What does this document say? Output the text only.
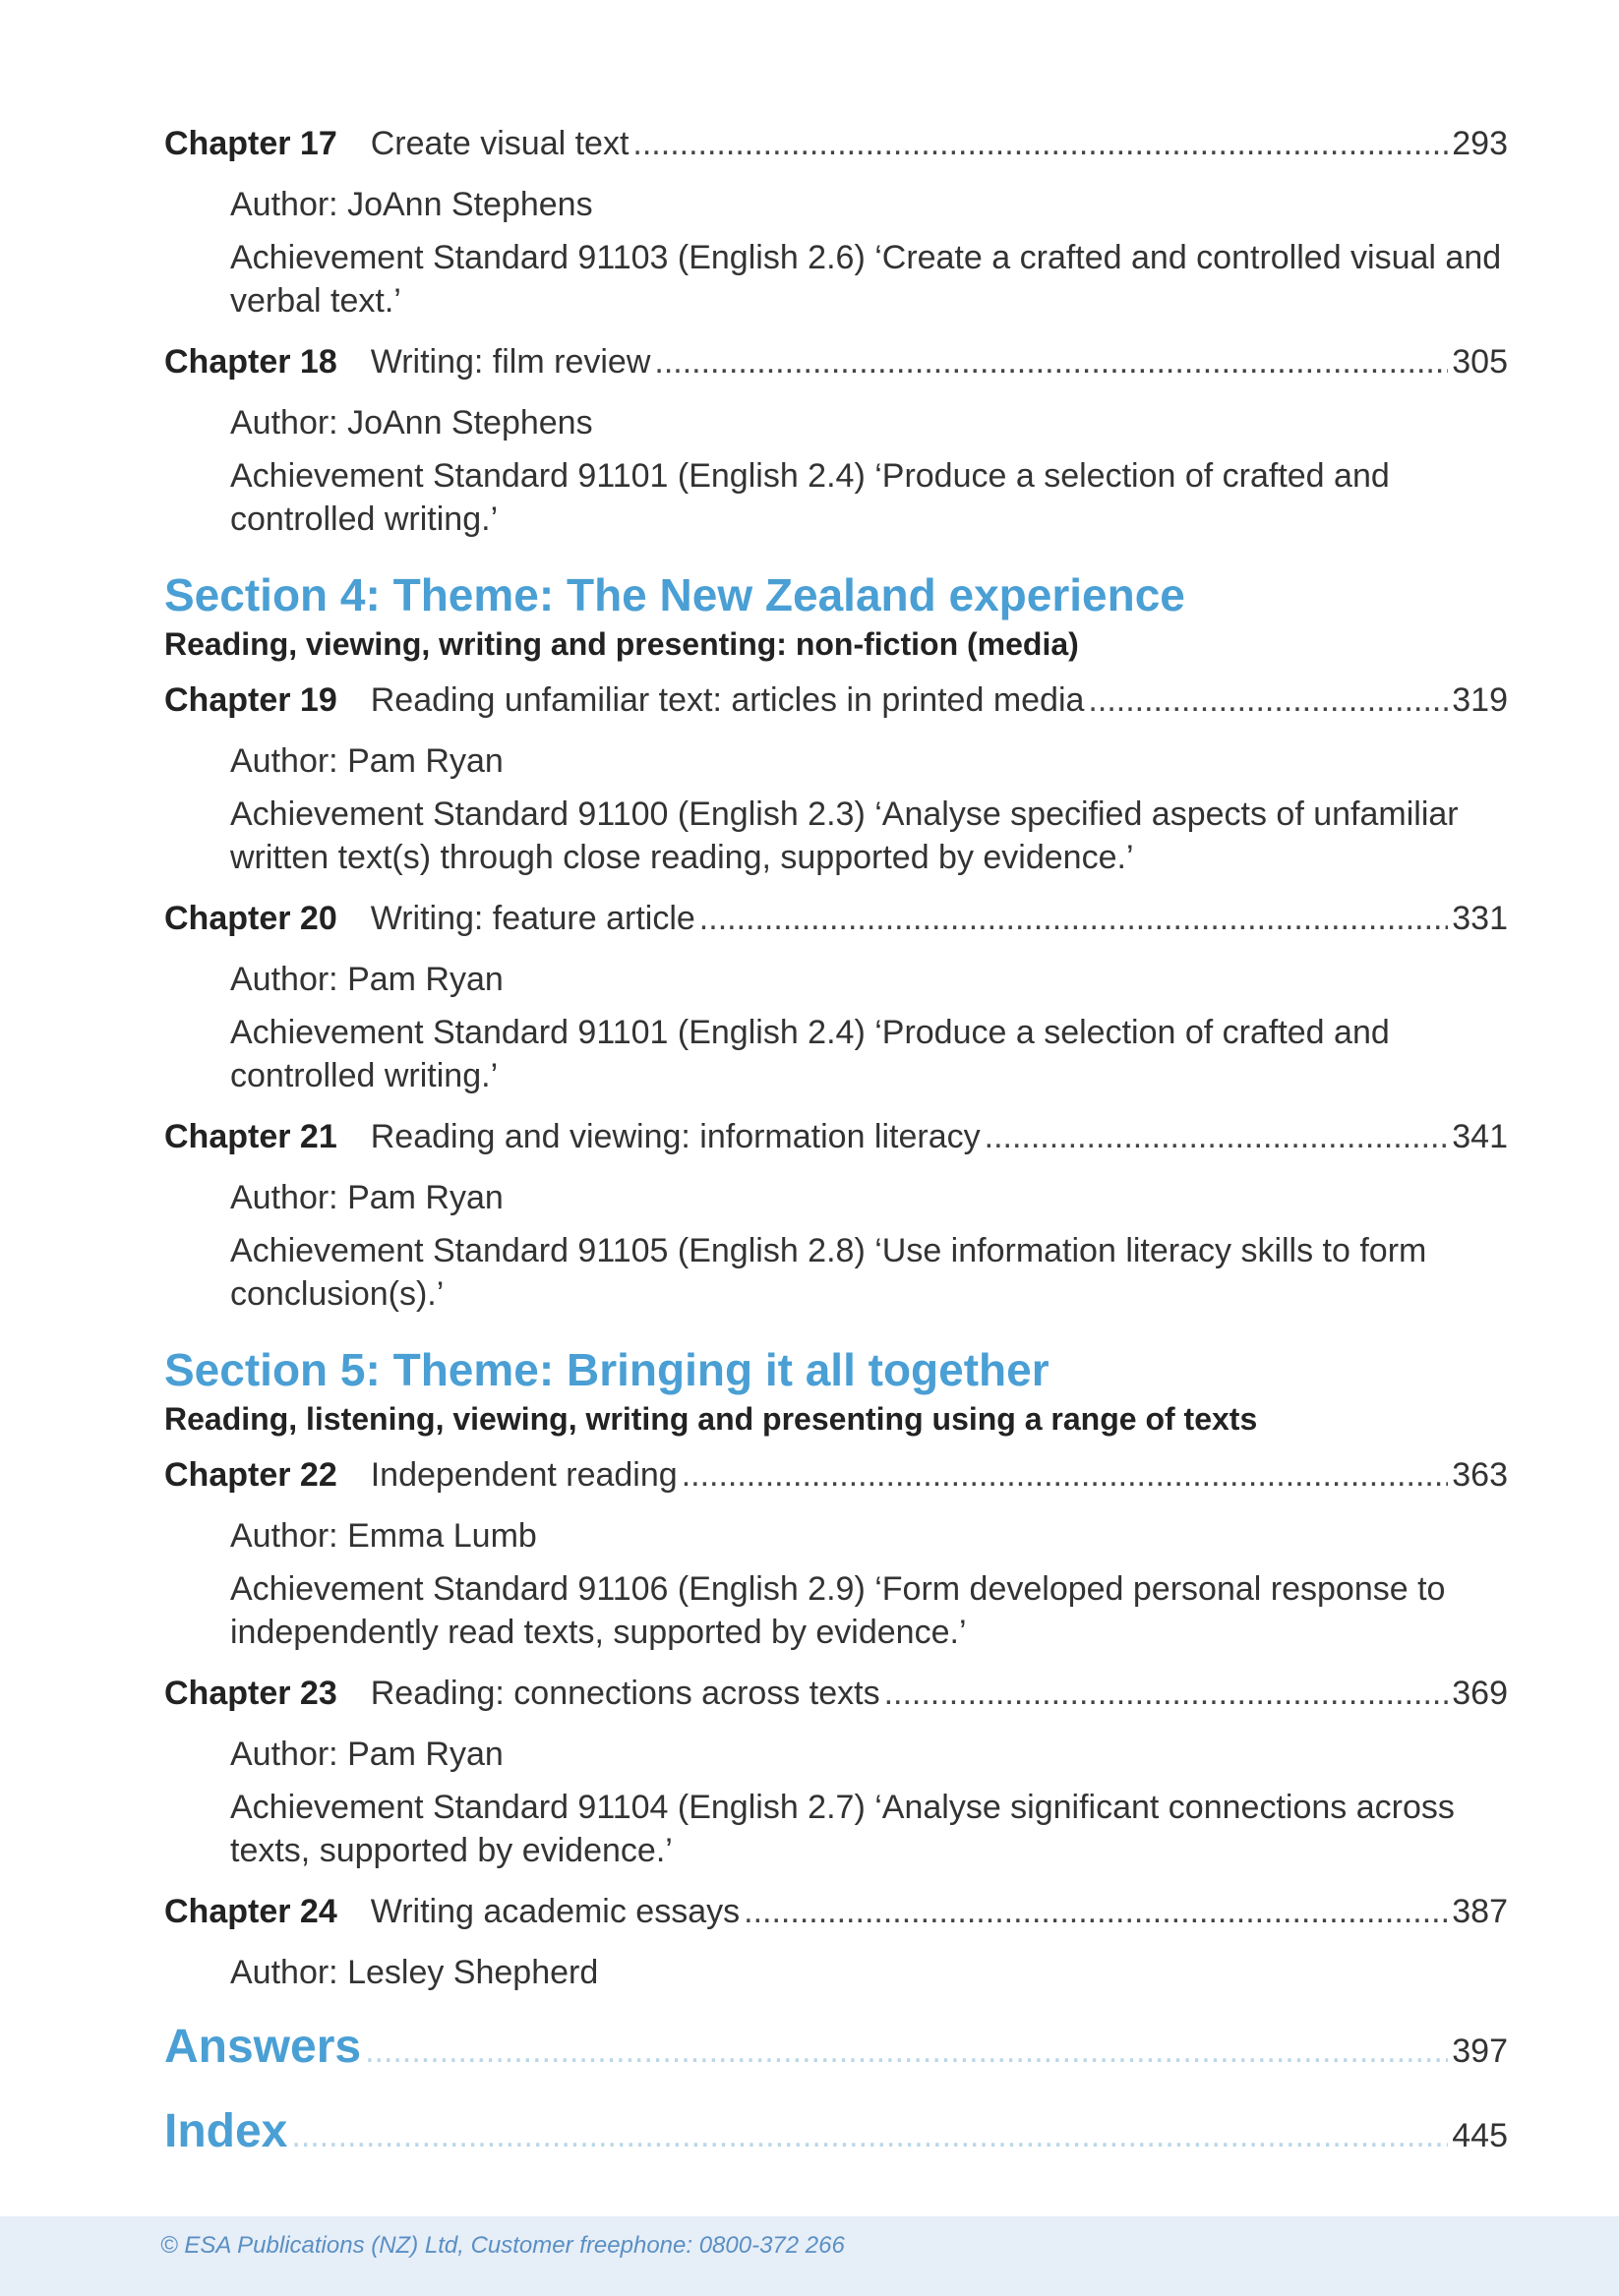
Chapter 17 Create visual text .....	293
Author: JoAnn Stephens
Achievement Standard 91103 (English 2.6) ‘Create a crafted and controlled visual and verbal text.’
Chapter 18 Writing: film review .....	305
Author: JoAnn Stephens
Achievement Standard 91101 (English 2.4) ‘Produce a selection of crafted and controlled writing.’
Section 4: Theme: The New Zealand experience
Reading, viewing, writing and presenting: non-fiction (media)
Chapter 19 Reading unfamiliar text: articles in printed media .....	319
Author: Pam Ryan
Achievement Standard 91100 (English 2.3) ‘Analyse specified aspects of unfamiliar written text(s) through close reading, supported by evidence.’
Chapter 20 Writing: feature article .....	331
Author: Pam Ryan
Achievement Standard 91101 (English 2.4) ‘Produce a selection of crafted and controlled writing.’
Chapter 21 Reading and viewing: information literacy .....	341
Author: Pam Ryan
Achievement Standard 91105 (English 2.8) ‘Use information literacy skills to form conclusion(s).’
Section 5: Theme: Bringing it all together
Reading, listening, viewing, writing and presenting using a range of texts
Chapter 22 Independent reading .....	363
Author: Emma Lumb
Achievement Standard 91106 (English 2.9) ‘Form developed personal response to independently read texts, supported by evidence.’
Chapter 23 Reading: connections across texts .....	369
Author: Pam Ryan
Achievement Standard 91104 (English 2.7) ‘Analyse significant connections across texts, supported by evidence.’
Chapter 24 Writing academic essays .....	387
Author: Lesley Shepherd
Answers .....	397
Index .....	445
© ESA Publications (NZ) Ltd, Customer freephone: 0800-372 266
